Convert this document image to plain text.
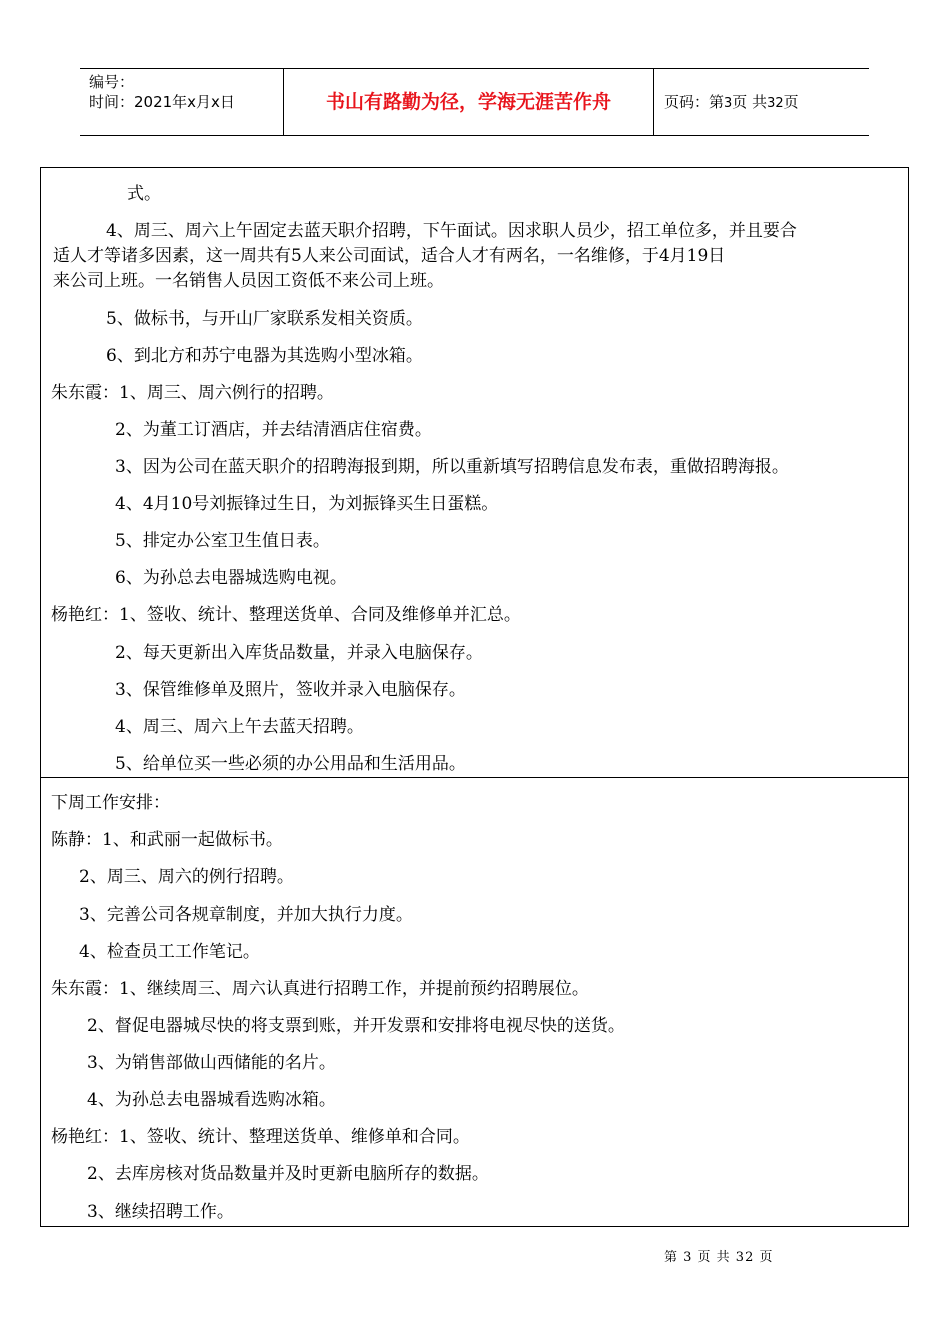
编号：
时间：2021年x月x日	书山有路勤为径，学海无涯苦作舟	页码：第3页 共32页
式。
4、周三、周六上午固定去蓝天职介招聘，下午面试。因求职人员少，招工单位多，并且要合
适人才等诸多因素，这一周共有5人来公司面试，适合人才有两名，一名维修，于4月19日
来公司上班。一名销售人员因工资低不来公司上班。
5、做标书，与开山厂家联系发相关资质。
6、到北方和苏宁电器为其选购小型冰箱。
朱东霞：1、周三、周六例行的招聘。
2、为董工订酒店，并去结清酒店住宿费。
3、因为公司在蓝天职介的招聘海报到期，所以重新填写招聘信息发布表，重做招聘海报。
4、4月10号刘振锋过生日，为刘振锋买生日蛋糕。
5、排定办公室卫生值日表。
6、为孙总去电器城选购电视。
杨艳红：1、签收、统计、整理送货单、合同及维修单并汇总。
2、每天更新出入库货品数量，并录入电脑保存。
3、保管维修单及照片，签收并录入电脑保存。
4、周三、周六上午去蓝天招聘。
5、给单位买一些必须的办公用品和生活用品。
下周工作安排：
陈静：1、和武丽一起做标书。
2、周三、周六的例行招聘。
3、完善公司各规章制度，并加大执行力度。
4、检查员工工作笔记。
朱东霞：1、继续周三、周六认真进行招聘工作，并提前预约招聘展位。
2、督促电器城尽快的将支票到账，并开发票和安排将电视尽快的送货。
3、为销售部做山西储能的名片。
4、为孙总去电器城看选购冰箱。
杨艳红：1、签收、统计、整理送货单、维修单和合同。
2、去库房核对货品数量并及时更新电脑所存的数据。
3、继续招聘工作。
第 3 页 共 32 页
